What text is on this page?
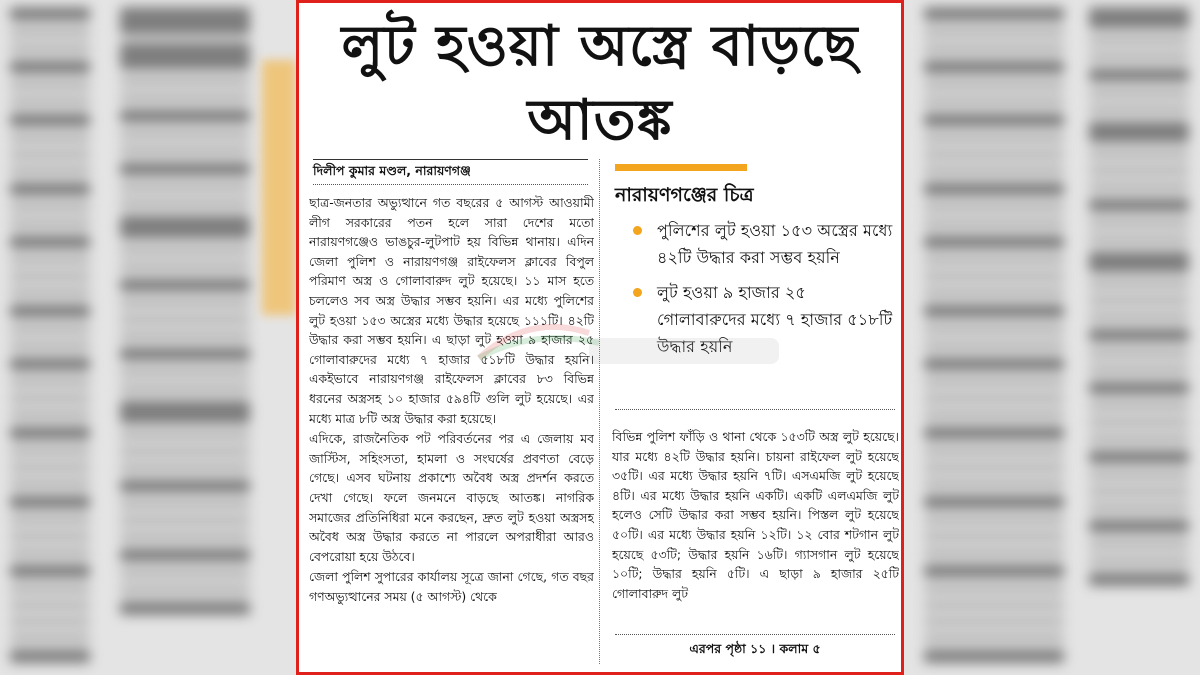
লুট হওয়া অস্ত্রে বাড়ছে আতঙ্ক
দিলীপ কুমার মণ্ডল, নারায়ণগঞ্জ

ছাত্র-জনতার অভ্যুত্থানে গত বছরের ৫ আগস্ট আওয়ামী লীগ সরকারের পতন হলে সারা দেশের মতো নারায়ণগঞ্জেও ভাঙচুর-লুটপাট হয় বিভিন্ন থানায়। এদিন জেলা পুলিশ ও নারায়ণগঞ্জ রাইফেলস ক্লাবের বিপুল পরিমাণ অস্ত্র ও গোলাবারুদ লুট হয়েছে। ১১ মাস হতে চললেও সব অস্ত্র উদ্ধার সম্ভব হয়নি। এর মধ্যে পুলিশের লুট হওয়া ১৫৩ অস্ত্রের মধ্যে উদ্ধার হয়েছে ১১১টি। ৪২টি উদ্ধার করা সম্ভব হয়নি। এ ছাড়া লুট হওয়া ৯ হাজার ২৫ গোলাবারুদের মধ্যে ৭ হাজার ৫১৮টি উদ্ধার হয়নি। একইভাবে নারায়ণগঞ্জ রাইফেলস ক্লাবের ৮৩ বিভিন্ন ধরনের অস্ত্রসহ ১০ হাজার ৫৯৪টি গুলি লুট হয়েছে। এর মধ্যে মাত্র ৮টি অস্ত্র উদ্ধার করা হয়েছে।

এদিকে, রাজনৈতিক পট পরিবর্তনের পর এ জেলায় মব জাস্টিস, সহিংসতা, হামলা ও সংঘর্ষের প্রবণতা বেড়ে গেছে। এসব ঘটনায় প্রকাশ্যে অবৈধ অস্ত্র প্রদর্শন করতে দেখা গেছে। ফলে জনমনে বাড়ছে আতঙ্ক। নাগরিক সমাজের প্রতিনিধিরা মনে করছেন, দ্রুত লুট হওয়া অস্ত্রসহ অবৈধ অস্ত্র উদ্ধার করতে না পারলে অপরাধীরা আরও বেপরোয়া হয়ে উঠবে।

জেলা পুলিশ সুপারের কার্যালয় সূত্রে জানা গেছে, গত বছর গণঅভ্যুত্থানের সময় (৫ আগস্ট) থেকে

নারায়ণগঞ্জের চিত্র
পুলিশের লুট হওয়া ১৫৩ অস্ত্রের মধ্যে ৪২টি উদ্ধার করা সম্ভব হয়নি
লুট হওয়া ৯ হাজার ২৫ গোলাবারুদের মধ্যে ৭ হাজার ৫১৮টি উদ্ধার হয়নি

বিভিন্ন পুলিশ ফাঁড়ি ও থানা থেকে ১৫৩টি অস্ত্র লুট হয়েছে। যার মধ্যে ৪২টি উদ্ধার হয়নি। চায়না রাইফেল লুট হয়েছে ৩৫টি। এর মধ্যে উদ্ধার হয়নি ৭টি। এসএমজি লুট হয়েছে ৪টি। এর মধ্যে উদ্ধার হয়নি একটি। একটি এলএমজি লুট হলেও সেটি উদ্ধার করা সম্ভব হয়নি। পিস্তল লুট হয়েছে ৫০টি। এর মধ্যে উদ্ধার হয়নি ১২টি। ১২ বোর শটগান লুট হয়েছে ৫৩টি; উদ্ধার হয়নি ১৬টি। গ্যাসগান লুট হয়েছে ১০টি; উদ্ধার হয়নি ৫টি। এ ছাড়া ৯ হাজার ২৫টি গোলাবারুদ লুট

এরপর পৃষ্ঠা ১১ । কলাম ৫
